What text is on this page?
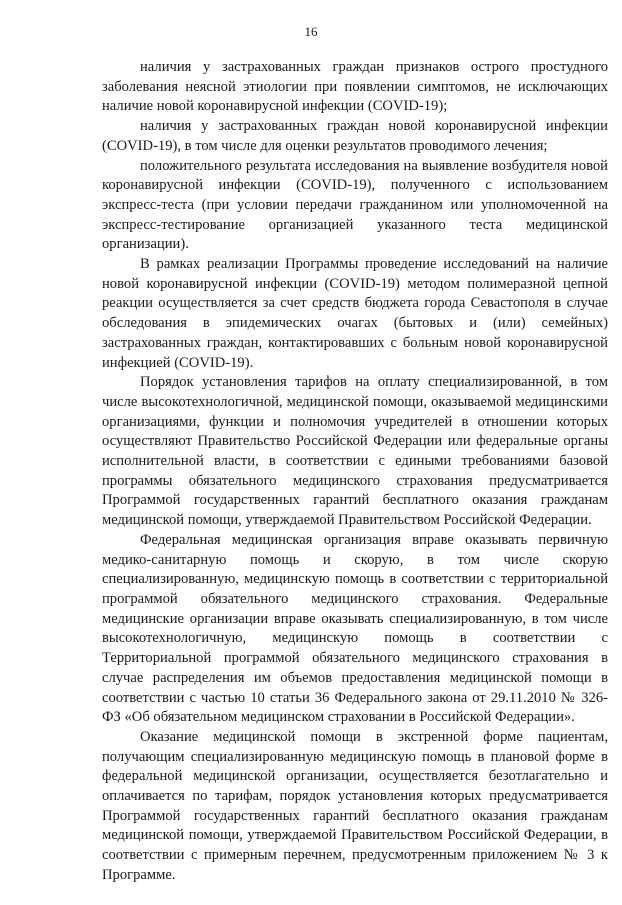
16

наличия у застрахованных граждан признаков острого простудного заболевания неясной этиологии при появлении симптомов, не исключающих наличие новой коронавирусной инфекции (COVID-19);

наличия у застрахованных граждан новой коронавирусной инфекции (COVID-19), в том числе для оценки результатов проводимого лечения;

положительного результата исследования на выявление возбудителя новой коронавирусной инфекции (COVID-19), полученного с использованием экспресс-теста (при условии передачи гражданином или уполномоченной на экспресс-тестирование организацией указанного теста медицинской организации).

В рамках реализации Программы проведение исследований на наличие новой коронавирусной инфекции (COVID-19) методом полимеразной цепной реакции осуществляется за счет средств бюджета города Севастополя в случае обследования в эпидемических очагах (бытовых и (или) семейных) застрахованных граждан, контактировавших с больным новой коронавирусной инфекцией (COVID-19).

Порядок установления тарифов на оплату специализированной, в том числе высокотехнологичной, медицинской помощи, оказываемой медицинскими организациями, функции и полномочия учредителей в отношении которых осуществляют Правительство Российской Федерации или федеральные органы исполнительной власти, в соответствии с едиными требованиями базовой программы обязательного медицинского страхования предусматривается Программой государственных гарантий бесплатного оказания гражданам медицинской помощи, утверждаемой Правительством Российской Федерации.

Федеральная медицинская организация вправе оказывать первичную медико-санитарную помощь и скорую, в том числе скорую специализированную, медицинскую помощь в соответствии с территориальной программой обязательного медицинского страхования. Федеральные медицинские организации вправе оказывать специализированную, в том числе высокотехнологичную, медицинскую помощь в соответствии с Территориальной программой обязательного медицинского страхования в случае распределения им объемов предоставления медицинской помощи в соответствии с частью 10 статьи 36 Федерального закона от 29.11.2010 № 326-ФЗ «Об обязательном медицинском страховании в Российской Федерации».

Оказание медицинской помощи в экстренной форме пациентам, получающим специализированную медицинскую помощь в плановой форме в федеральной медицинской организации, осуществляется безотлагательно и оплачивается по тарифам, порядок установления которых предусматривается Программой государственных гарантий бесплатного оказания гражданам медицинской помощи, утверждаемой Правительством Российской Федерации, в соответствии с примерным перечнем, предусмотренным приложением № 3 к Программе.
